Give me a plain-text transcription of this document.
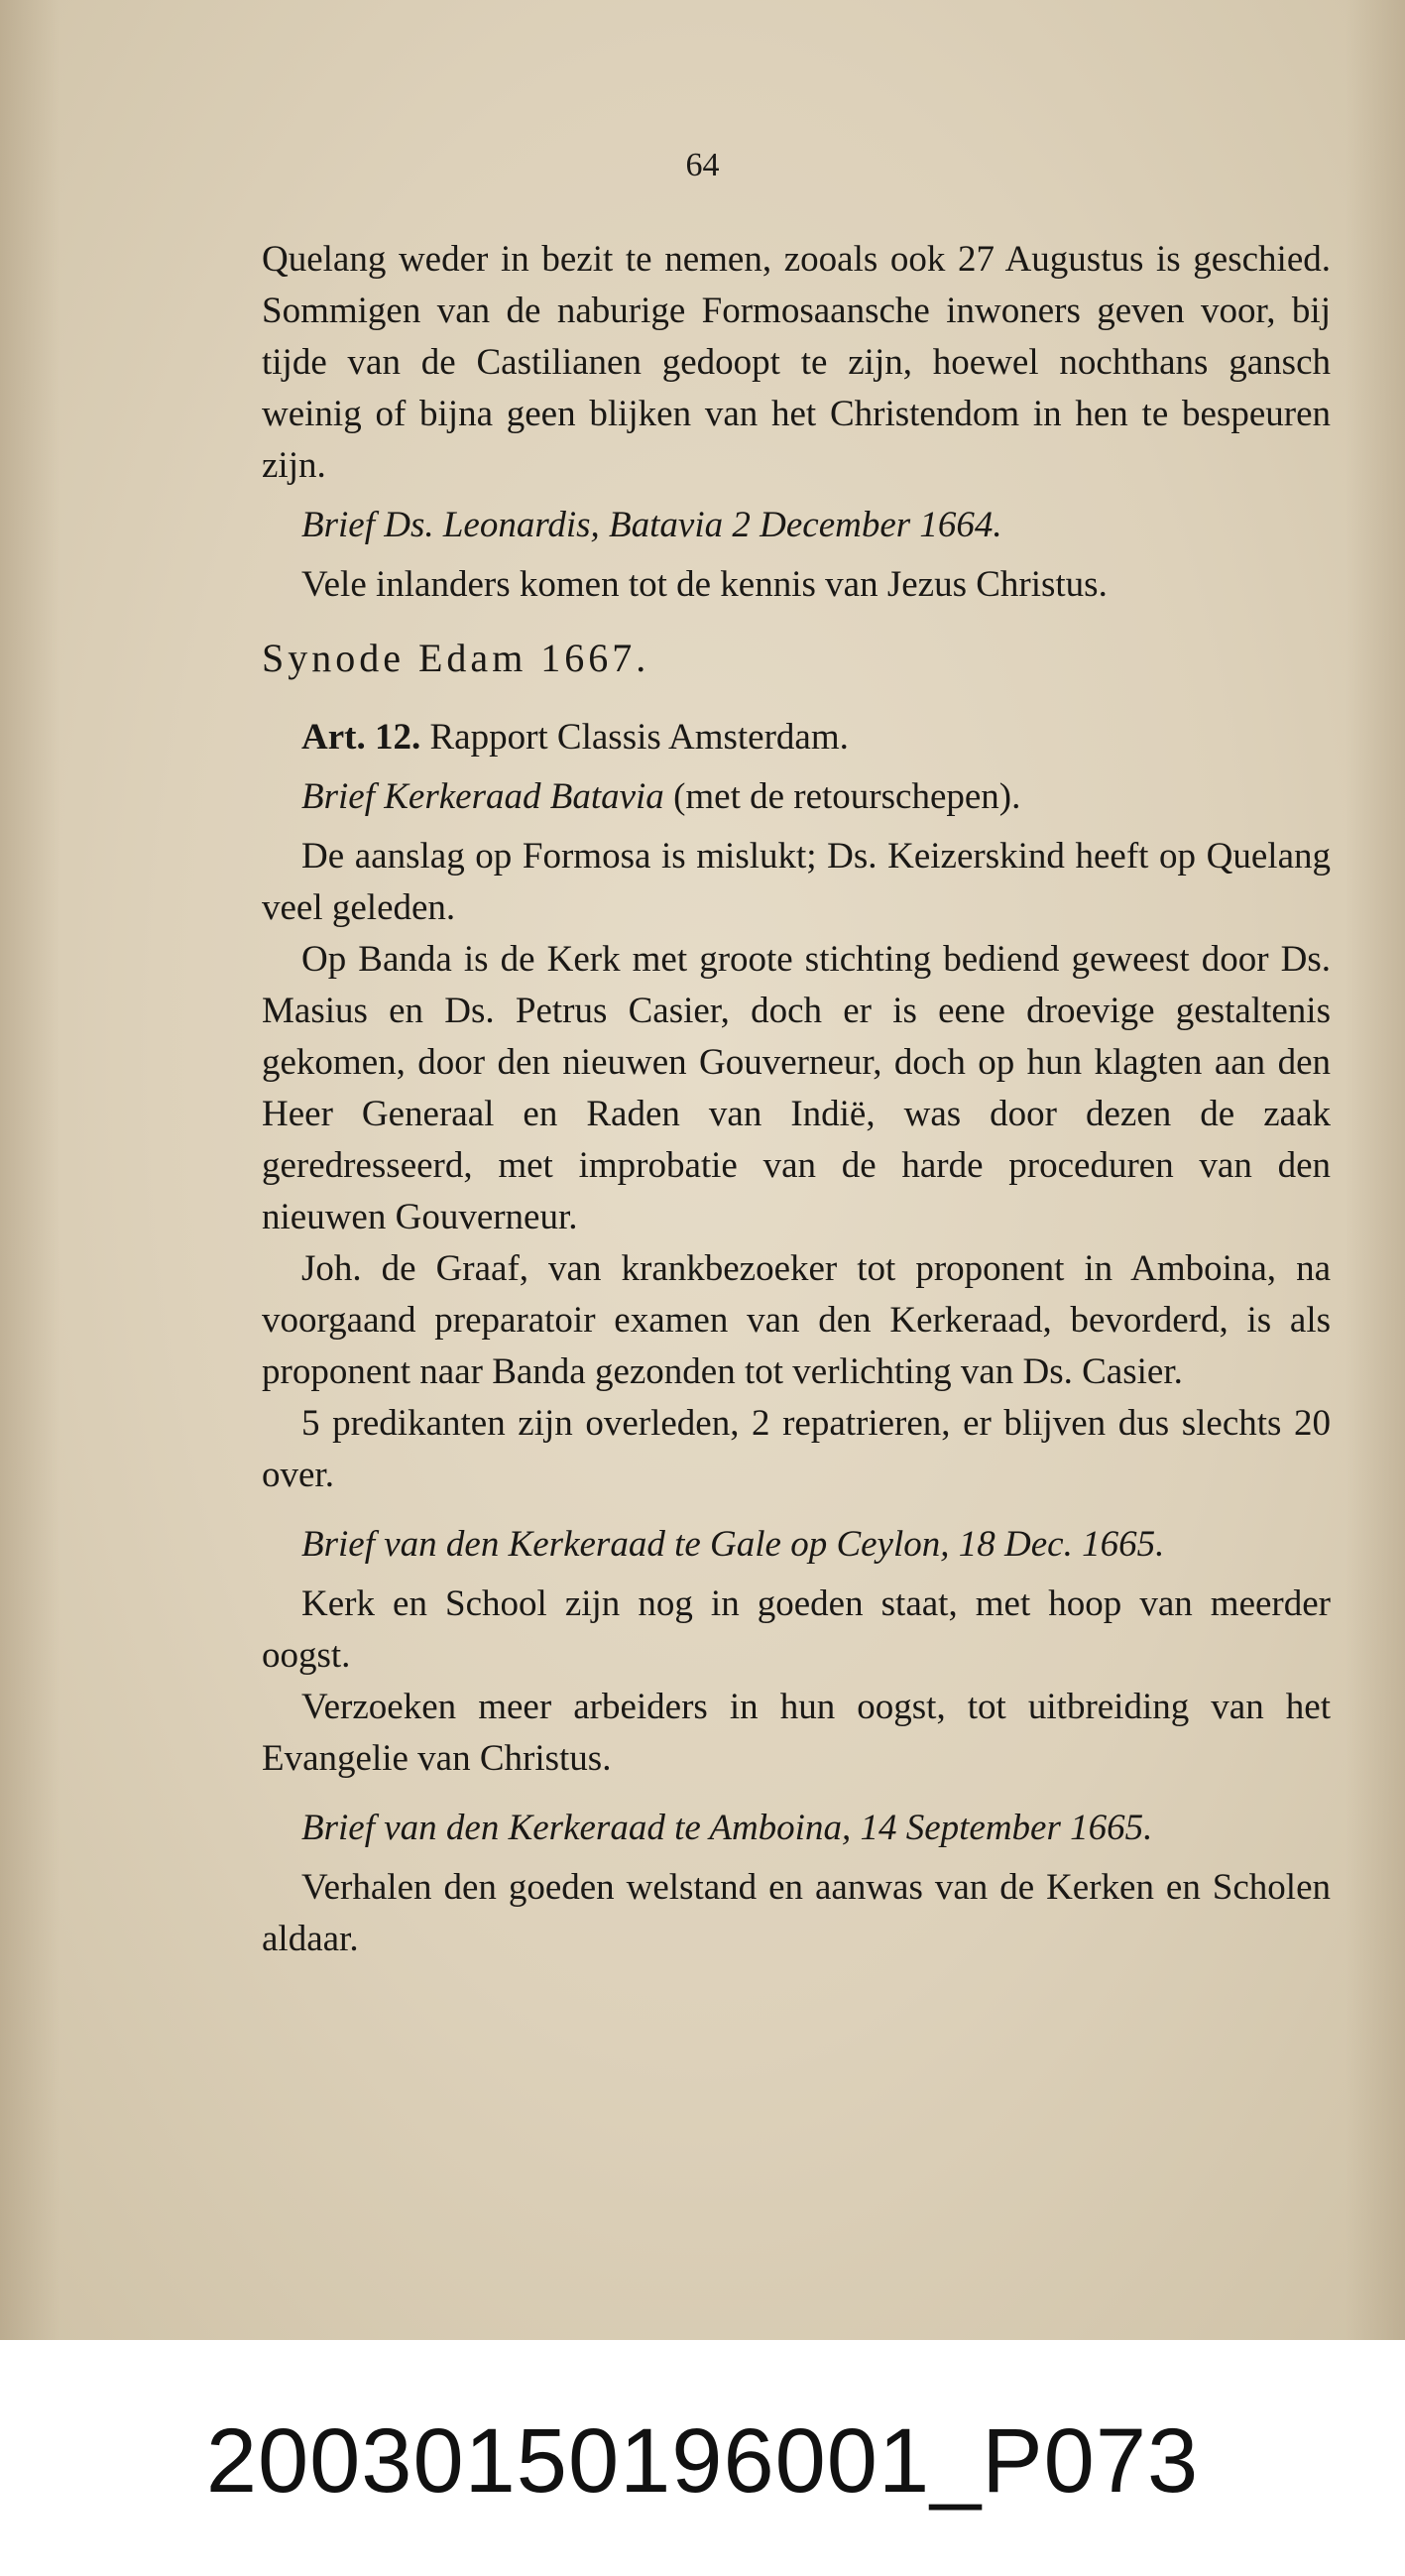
64

Quelang weder in bezit te nemen, zooals ook 27 Augustus is geschied. Sommigen van de naburige Formosaansche inwoners geven voor, bij tijde van de Castilianen gedoopt te zijn, hoewel nochthans gansch weinig of bijna geen blijken van het Christendom in hen te bespeuren zijn.

Brief Ds. Leonardis, Batavia 2 December 1664.

Vele inlanders komen tot de kennis van Jezus Christus.

Synode Edam 1667.

Art. 12. Rapport Classis Amsterdam.

Brief Kerkeraad Batavia (met de retourschepen).

De aanslag op Formosa is mislukt; Ds. Keizerskind heeft op Quelang veel geleden.

Op Banda is de Kerk met groote stichting bediend geweest door Ds. Masius en Ds. Petrus Casier, doch er is eene droevige gestaltenis gekomen, door den nieuwen Gouverneur, doch op hun klagten aan den Heer Generaal en Raden van Indië, was door dezen de zaak geredresseerd, met improbatie van de harde proceduren van den nieuwen Gouverneur.

Joh. de Graaf, van krankbezoeker tot proponent in Amboina, na voorgaand preparatoir examen van den Kerkeraad, bevorderd, is als proponent naar Banda gezonden tot verlichting van Ds. Casier.

5 predikanten zijn overleden, 2 repatrieren, er blijven dus slechts 20 over.

Brief van den Kerkeraad te Gale op Ceylon, 18 Dec. 1665.

Kerk en School zijn nog in goeden staat, met hoop van meerder oogst.

Verzoeken meer arbeiders in hun oogst, tot uitbreiding van het Evangelie van Christus.

Brief van den Kerkeraad te Amboina, 14 September 1665.

Verhalen den goeden welstand en aanwas van de Kerken en Scholen aldaar.

20030150196001_P073
